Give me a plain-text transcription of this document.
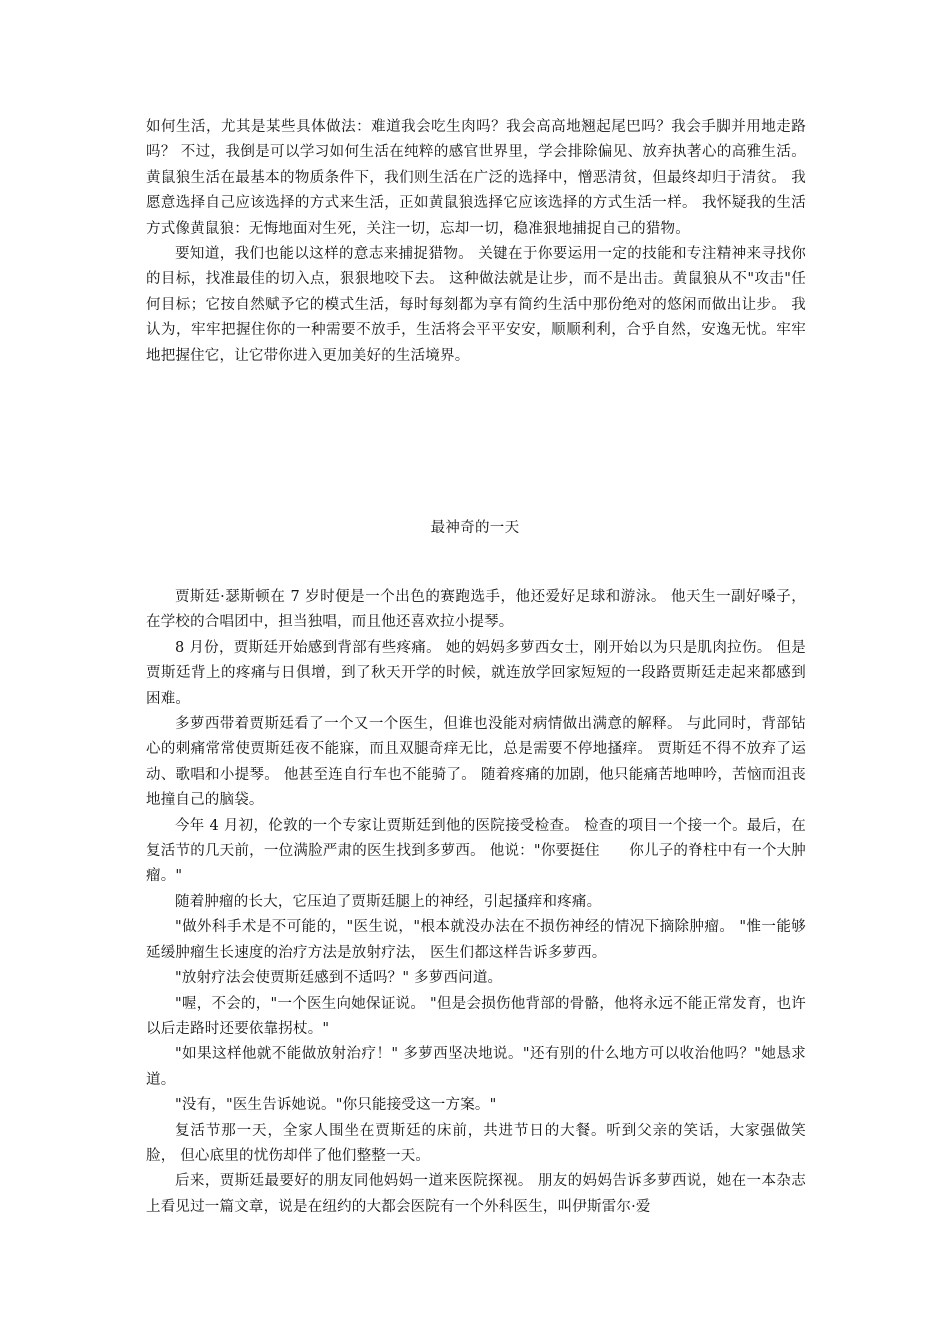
如何生活，尤其是某些具体做法：难道我会吃生肉吗？我会高高地翘起尾巴吗？我会手脚并用地走路吗？ 不过，我倒是可以学习如何生活在纯粹的感官世界里，学会排除偏见、放弃执著心的高雅生活。 黄鼠狼生活在最基本的物质条件下，我们则生活在广泛的选择中，憎恶清贫，但最终却归于清贫。 我愿意选择自己应该选择的方式来生活，正如黄鼠狼选择它应该选择的方式生活一样。 我怀疑我的生活方式像黄鼠狼：无悔地面对生死，关注一切，忘却一切，稳准狠地捕捉自己的猎物。

要知道，我们也能以这样的意志来捕捉猎物。 关键在于你要运用一定的技能和专注精神来寻找你的目标，找准最佳的切入点，狠狠地咬下去。 这种做法就是让步，而不是出击。黄鼠狼从不"攻击"任何目标；它按自然赋予它的模式生活，每时每刻都为享有简约生活中那份绝对的悠闲而做出让步。 我认为，牢牢把握住你的一种需要不放手，生活将会平平安安，顺顺利利，合乎自然，安逸无忧。牢牢地把握住它，让它带你进入更加美好的生活境界。

最神奇的一天

贾斯廷·瑟斯顿在 7 岁时便是一个出色的赛跑选手，他还爱好足球和游泳。 他天生一副好嗓子，在学校的合唱团中，担当独唱，而且他还喜欢拉小提琴。

8 月份，贾斯廷开始感到背部有些疼痛。 她的妈妈多萝西女士，刚开始以为只是肌肉拉伤。 但是贾斯廷背上的疼痛与日俱增，到了秋天开学的时候，就连放学回家短短的一段路贾斯廷走起来都感到困难。

多萝西带着贾斯廷看了一个又一个医生，但谁也没能对病情做出满意的解释。 与此同时，背部钻心的刺痛常常使贾斯廷夜不能寐，而且双腿奇痒无比，总是需要不停地搔痒。 贾斯廷不得不放弃了运动、歌唱和小提琴。 他甚至连自行车也不能骑了。 随着疼痛的加剧，他只能痛苦地呻吟，苦恼而沮丧地撞自己的脑袋。

今年 4 月初，伦敦的一个专家让贾斯廷到他的医院接受检查。 检查的项目一个接一个。最后，在复活节的几天前，一位满脸严肃的医生找到多萝西。 他说："你要挺住　　你儿子的脊柱中有一个大肿瘤。"

随着肿瘤的长大，它压迫了贾斯廷腿上的神经，引起搔痒和疼痛。

"做外科手术是不可能的，"医生说，"根本就没办法在不损伤神经的情况下摘除肿瘤。 "惟一能够延缓肿瘤生长速度的治疗方法是放射疗法， 医生们都这样告诉多萝西。

"放射疗法会使贾斯廷感到不适吗？" 多萝西问道。

"喔，不会的，"一个医生向她保证说。 "但是会损伤他背部的骨骼，他将永远不能正常发育，也许以后走路时还要依靠拐杖。"

"如果这样他就不能做放射治疗！" 多萝西坚决地说。"还有别的什么地方可以收治他吗？"她恳求道。

"没有，"医生告诉她说。"你只能接受这一方案。"

复活节那一天，全家人围坐在贾斯廷的床前，共进节日的大餐。听到父亲的笑话，大家强做笑脸， 但心底里的忧伤却伴了他们整整一天。

后来，贾斯廷最要好的朋友同他妈妈一道来医院探视。 朋友的妈妈告诉多萝西说，她在一本杂志上看见过一篇文章，说是在纽约的大都会医院有一个外科医生，叫伊斯雷尔·爱
